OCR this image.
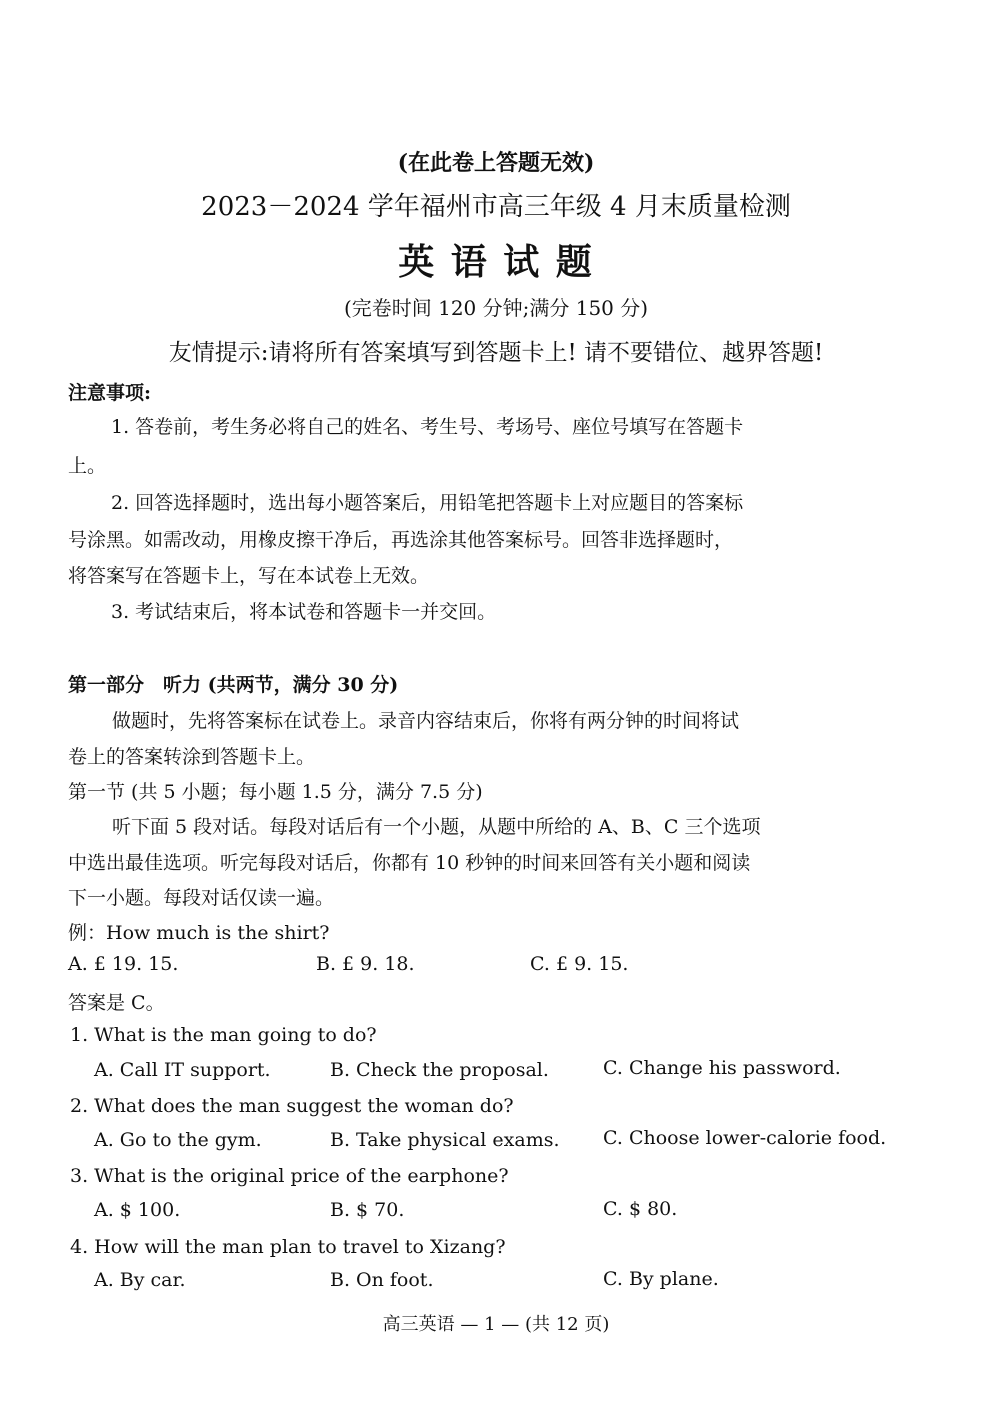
(在此卷上答题无效)
2023－2024 学年福州市高三年级 4 月末质量检测
英 语 试 题
(完卷时间 120 分钟;满分 150 分)
友情提示:请将所有答案填写到答题卡上! 请不要错位、越界答题!
注意事项:
1. 答卷前，考生务必将自己的姓名、考生号、考场号、座位号填写在答题卡
上。
2. 回答选择题时，选出每小题答案后，用铅笔把答题卡上对应题目的答案标
号涂黑。如需改动，用橡皮擦干净后，再选涂其他答案标号。回答非选择题时，
将答案写在答题卡上，写在本试卷上无效。
3. 考试结束后，将本试卷和答题卡一并交回。
第一部分　听力 (共两节，满分 30 分)
做题时，先将答案标在试卷上。录音内容结束后，你将有两分钟的时间将试
卷上的答案转涂到答题卡上。
第一节 (共 5 小题；每小题 1.5 分，满分 7.5 分)
听下面 5 段对话。每段对话后有一个小题，从题中所给的 A、B、C 三个选项
中选出最佳选项。听完每段对话后，你都有 10 秒钟的时间来回答有关小题和阅读
下一小题。每段对话仅读一遍。
例：How much is the shirt?
A. £ 19. 15.	B. £ 9. 18.	C. £ 9. 15.
答案是 C。
1. What is the man going to do?
A. Call IT support.	B. Check the proposal.	C. Change his password.
2. What does the man suggest the woman do?
A. Go to the gym.	B. Take physical exams. C. Choose lower-calorie food.
3. What is the original price of the earphone?
A. $ 100.	B. $ 70.	C. $ 80.
4. How will the man plan to travel to Xizang?
A. By car.	B. On foot.	C. By plane.
高三英语 — 1 — (共 12 页)
